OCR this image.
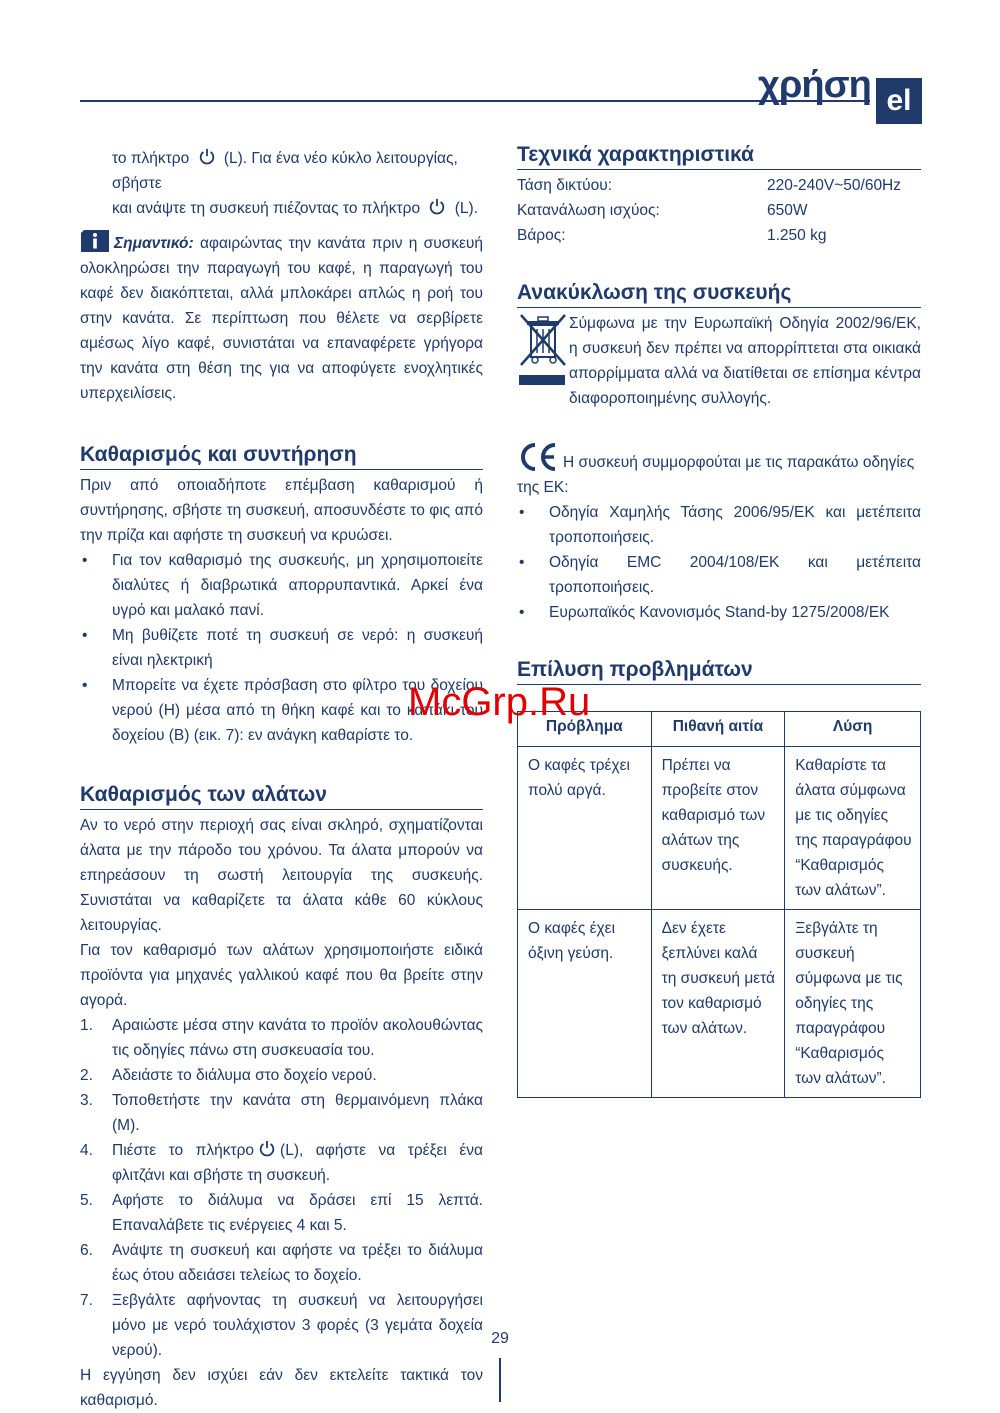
χρήση el
το πλήκτρο (L). Για ένα νέο κύκλο λειτουργίας, σβήστε
και ανάψτε τη συσκευή πιέζοντας το πλήκτρο (L).

Σημαντικό: αφαιρώντας την κανάτα πριν η συσκευή ολοκληρώσει την παραγωγή του καφέ, η παραγωγή του καφέ δεν διακόπτεται, αλλά μπλοκάρει απλώς η ροή του στην κανάτα. Σε περίπτωση που θέλετε να σερβίρετε αμέσως λίγο καφέ, συνιστάται να επαναφέρετε γρήγορα την κανάτα στη θέση της για να αποφύγετε ενοχλητικές υπερχειλίσεις.

Καθαρισμός και συντήρηση

Πριν από οποιαδήποτε επέμβαση καθαρισμού ή συντήρησης, σβήστε τη συσκευή, αποσυνδέστε το φις από την πρίζα και αφήστε τη συσκευή να κρυώσει.

• Για τον καθαρισμό της συσκευής, μη χρησιμοποιείτε διαλύτες ή διαβρωτικά απορρυπαντικά. Αρκεί ένα υγρό και μαλακό πανί.
• Μη βυθίζετε ποτέ τη συσκευή σε νερό: η συσκευή είναι ηλεκτρική
• Μπορείτε να έχετε πρόσβαση στο φίλτρο του δοχείου νερού (H) μέσα από τη θήκη καφέ και το καπάκι του δοχείου (B) (εικ. 7): εν ανάγκη καθαρίστε το.
Καθαρισμός των αλάτων

Αν το νερό στην περιοχή σας είναι σκληρό, σχηματίζονται άλατα με την πάροδο του χρόνου. Τα άλατα μπορούν να επηρεάσουν τη σωστή λειτουργία της συσκευής. Συνιστάται να καθαρίζετε τα άλατα κάθε 60 κύκλους λειτουργίας.

Για τον καθαρισμό των αλάτων χρησιμοποιήστε ειδικά προϊόντα για μηχανές γαλλικού καφέ που θα βρείτε στην αγορά.

1. Αραιώστε μέσα στην κανάτα το προϊόν ακολουθώντας τις οδηγίες πάνω στη συσκευασία του.
2. Αδειάστε το διάλυμα στο δοχείο νερού.
3. Τοποθετήστε την κανάτα στη θερμαινόμενη πλάκα (M).
4. Πιέστε το πλήκτρο (L), αφήστε να τρέξει ένα φλιτζάνι και σβήστε τη συσκευή.
5. Αφήστε το διάλυμα να δράσει επί 15 λεπτά. Επαναλάβετε τις ενέργειες 4 και 5.
6. Ανάψτε τη συσκευή και αφήστε να τρέξει το διάλυμα έως ότου αδειάσει τελείως το δοχείο.
7. Ξεβγάλτε αφήνοντας τη συσκευή να λειτουργήσει μόνο με νερό τουλάχιστον 3 φορές (3 γεμάτα δοχεία νερού).

Η εγγύηση δεν ισχύει εάν δεν εκτελείτε τακτικά τον καθαρισμό.

Τεχνικά χαρακτηριστικά
Τάση δικτύου:	220-240V~50/60Hz
Κατανάλωση ισχύος:	650W
Βάρος:	1.250 kg
Ανακύκλωση της συσκευής

Σύμφωνα με την Ευρωπαϊκή Οδηγία 2002/96/ΕΚ, η συσκευή δεν πρέπει να απορρίπτεται στα οικιακά απορρίμματα αλλά να διατίθεται σε επίσημα κέντρα διαφοροποιημένης συλλογής.

Η συσκευή συμμορφούται με τις παρακάτω οδηγίες της ΕΚ:

• Οδηγία Χαμηλής Τάσης 2006/95/ΕΚ και μετέπειτα τροποποιήσεις.
• Οδηγία EMC 2004/108/ΕΚ και μετέπειτα τροποποιήσεις.
• Ευρωπαϊκός Κανονισμός Stand-by 1275/2008/ΕΚ
Επίλυση προβλημάτων
Πρόβλημα	Πιθανή αιτία	Λύση
Ο καφές τρέχει πολύ αργά.	Πρέπει να προβείτε στον καθαρισμό των αλάτων της συσκευής.	Καθαρίστε τα άλατα σύμφωνα με τις οδηγίες της παραγράφου “Καθαρισμός των αλάτων”.
Ο καφές έχει όξινη γεύση.	Δεν έχετε ξεπλύνει καλά τη συσκευή μετά τον καθαρισμό των αλάτων.	Ξεβγάλτε τη συσκευή σύμφωνα με τις οδηγίες της παραγράφου “Καθαρισμός των αλάτων”.
McGrp.Ru
29
